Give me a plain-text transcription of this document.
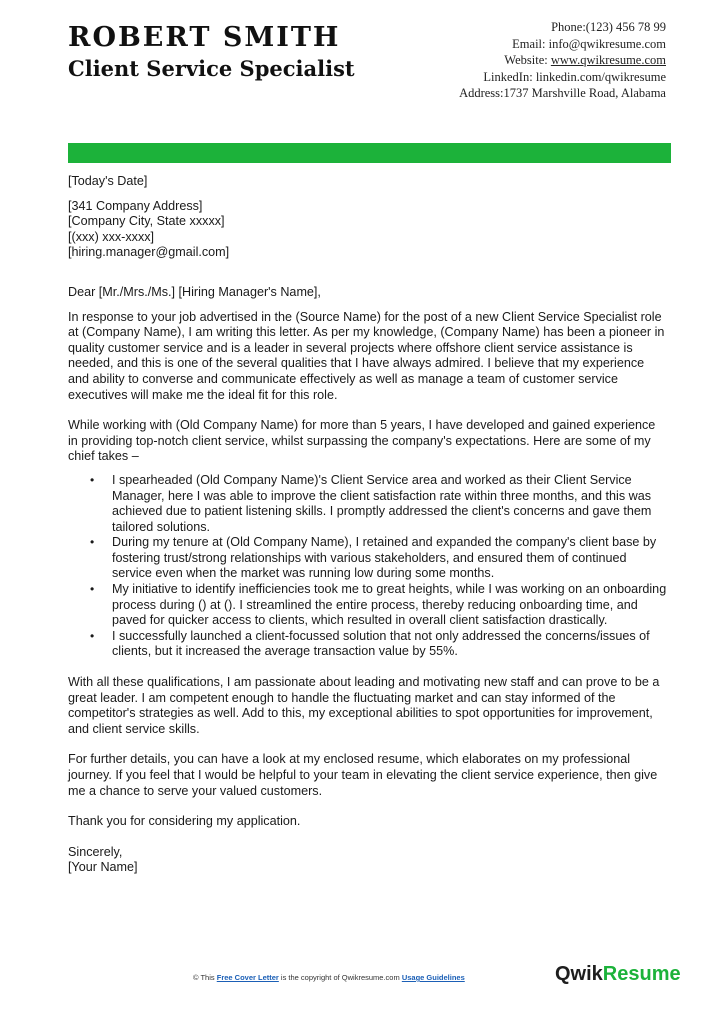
ROBERT SMITH
Client Service Specialist
Phone:(123) 456 78 99
Email: info@qwikresume.com
Website: www.qwikresume.com
LinkedIn: linkedin.com/qwikresume
Address:1737 Marshville Road, Alabama

[Today's Date]

[341 Company Address]

[Company City, State xxxxx]

[(xxx) xxx-xxxx]

[hiring.manager@gmail.com]

Dear [Mr./Mrs./Ms.] [Hiring Manager's Name],

In response to your job advertised in the (Source Name) for the post of a new Client Service Specialist role at (Company Name), I am writing this letter. As per my knowledge, (Company Name) has been a pioneer in quality customer service and is a leader in several projects where offshore client service assistance is needed, and this is one of the several qualities that I have always admired. I believe that my experience and ability to converse and communicate effectively as well as manage a team of customer service executives will make me the ideal fit for this role.

While working with (Old Company Name) for more than 5 years, I have developed and gained experience in providing top-notch client service, whilst surpassing the company's expectations. Here are some of my chief takes –

• I spearheaded (Old Company Name)'s Client Service area and worked as their Client Service Manager, here I was able to improve the client satisfaction rate within three months, and this was achieved due to patient listening skills. I promptly addressed the client's concerns and gave them tailored solutions.
• During my tenure at (Old Company Name), I retained and expanded the company's client base by fostering trust/strong relationships with various stakeholders, and ensured them of continued service even when the market was running low during some months.
• My initiative to identify inefficiencies took me to great heights, while I was working on an onboarding process during () at (). I streamlined the entire process, thereby reducing onboarding time, and paved for quicker access to clients, which resulted in overall client satisfaction drastically.
• I successfully launched a client-focussed solution that not only addressed the concerns/issues of clients, but it increased the average transaction value by 55%.

With all these qualifications, I am passionate about leading and motivating new staff and can prove to be a great leader. I am competent enough to handle the fluctuating market and can stay informed of the competitor's strategies as well. Add to this, my exceptional abilities to spot opportunities for improvement, and client service skills.

For further details, you can have a look at my enclosed resume, which elaborates on my professional journey. If you feel that I would be helpful to your team in elevating the client service experience, then give me a chance to serve your valued customers.

Thank you for considering my application.

Sincerely,

[Your Name]

© This Free Cover Letter is the copyright of Qwikresume.com Usage Guidelines	QwikResume
